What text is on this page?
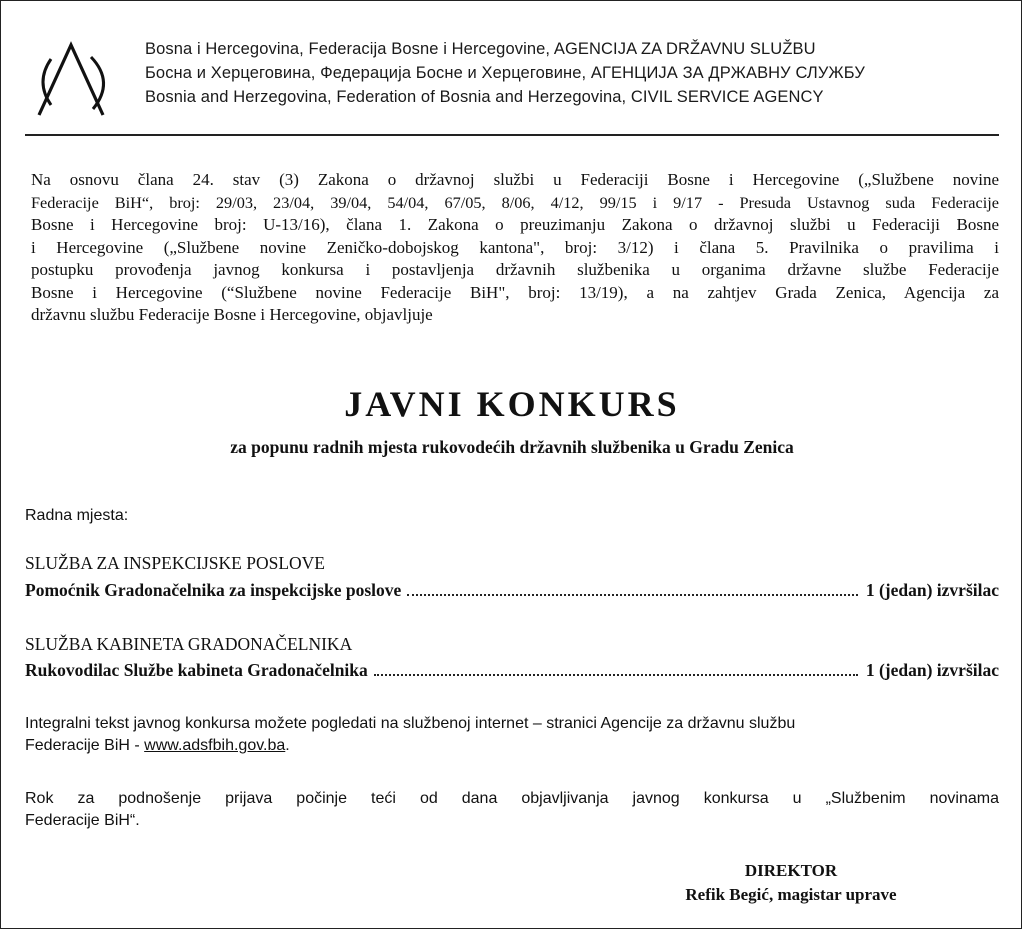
Bosna i Hercegovina, Federacija Bosne i Hercegovine, AGENCIJA ZA DRŽAVNU SLUŽBU
Босна и Херцеговина, Федерација Босне и Херцеговине, АГЕНЦИЈА ЗА ДРЖАВНУ СЛУЖБУ
Bosnia and Herzegovina, Federation of Bosnia and Herzegovina, CIVIL SERVICE AGENCY
Na osnovu člana 24. stav (3) Zakona o državnoj službi u Federaciji Bosne i Hercegovine („Službene novine
Federacije BiH“, broj: 29/03, 23/04, 39/04, 54/04, 67/05, 8/06, 4/12, 99/15 i 9/17 - Presuda Ustavnog suda Federacije
Bosne i Hercegovine broj: U-13/16), člana 1. Zakona o preuzimanju Zakona o državnoj službi u Federaciji Bosne
i Hercegovine („Službene novine Zeničko-dobojskog kantona", broj: 3/12) i člana 5. Pravilnika o pravilima i
postupku provođenja javnog konkursa i postavljenja državnih službenika u organima državne službe Federacije
Bosne i Hercegovine (“Službene novine Federacije BiH", broj: 13/19), a na zahtjev Grada Zenica, Agencija za
državnu službu Federacije Bosne i Hercegovine, objavljuje
JAVNI KONKURS
za popunu radnih mjesta rukovodećih državnih službenika u Gradu Zenica
Radna mjesta:
SLUŽBA ZA INSPEKCIJSKE POSLOVE
Pomoćnik Gradonačelnika za inspekcijske poslove	1 (jedan) izvršilac
SLUŽBA KABINETA GRADONAČELNIKA
Rukovodilac Službe kabineta Gradonačelnika	1 (jedan) izvršilac
Integralni tekst javnog konkursa možete pogledati na službenoj internet – stranici Agencije za državnu službu
Federacije BiH - www.adsfbih.gov.ba.
Rok za podnošenje prijava počinje teći od dana objavljivanja javnog konkursa u „Službenim novinama
Federacije BiH“.
DIREKTOR
Refik Begić, magistar uprave
